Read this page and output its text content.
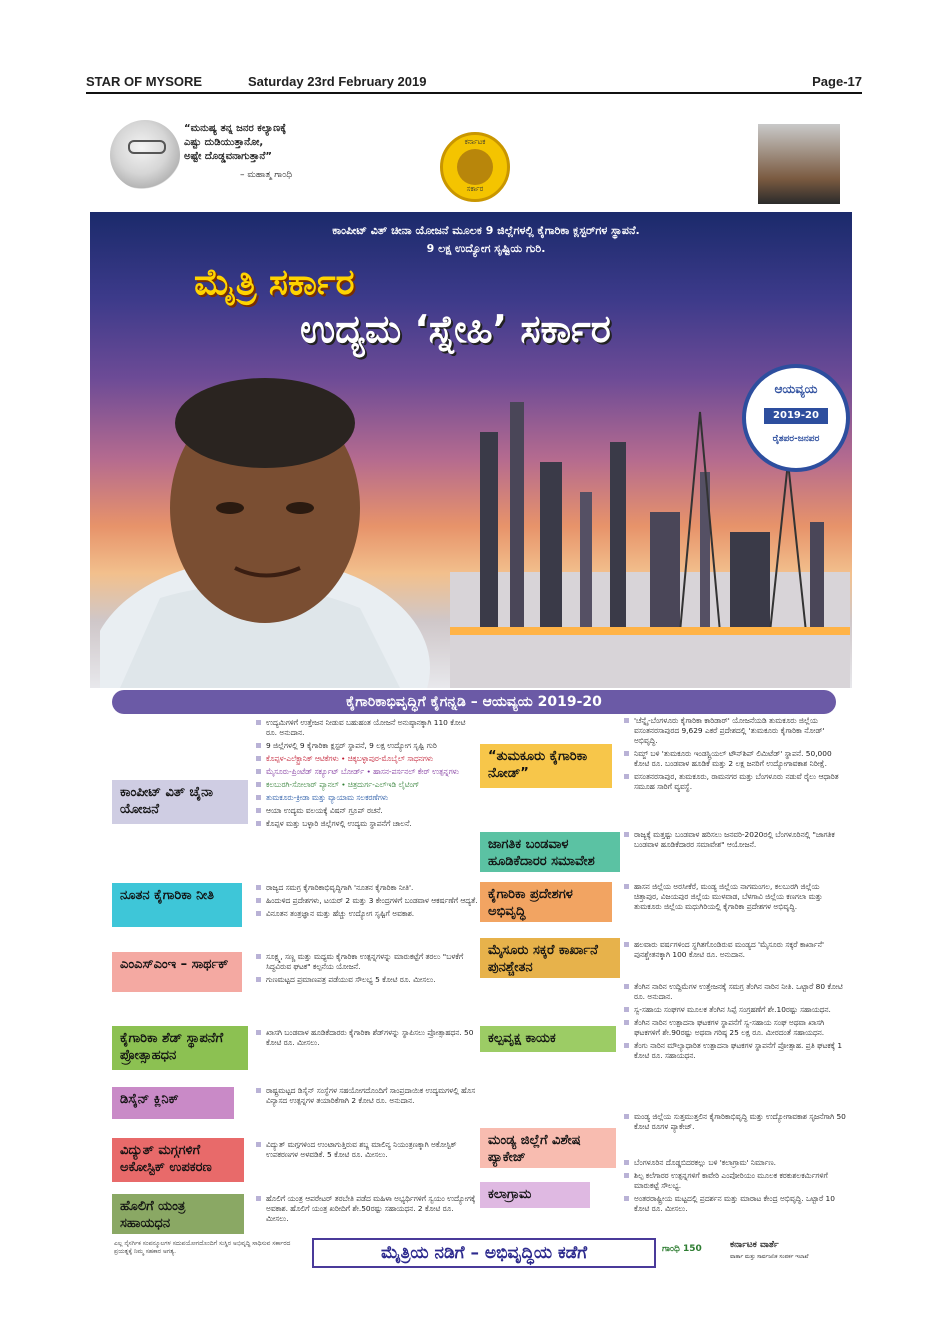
STAR OF MYSORE	Saturday 23rd February 2019	Page-17
“ಮನುಷ್ಯ ತನ್ನ ಜನರ ಕಲ್ಯಾಣಕ್ಕೆ
ಎಷ್ಟು ದುಡಿಯುತ್ತಾನೋ,
ಅಷ್ಟೇ ದೊಡ್ಡವನಾಗುತ್ತಾನೆ”
– ಮಹಾತ್ಮ ಗಾಂಧಿ
ಕರ್ನಾಟಕ
ಸರ್ಕಾರ
ಕಾಂಪೀಟ್ ವಿತ್ ಚೀನಾ ಯೋಜನೆ ಮೂಲಕ 9 ಜಿಲ್ಲೆಗಳಲ್ಲಿ ಕೈಗಾರಿಕಾ ಕ್ಲಸ್ಟರ್‌ಗಳ ಸ್ಥಾಪನೆ.
9 ಲಕ್ಷ ಉದ್ಯೋಗ ಸೃಷ್ಟಿಯ ಗುರಿ.
ಮೈತ್ರಿ ಸರ್ಕಾರ
ಉದ್ಯಮ ‘ಸ್ನೇಹಿ’ ಸರ್ಕಾರ
ಆಯವ್ಯಯ
2019-20
ರೈತಪರ-ಜನಪರ
ಕೈಗಾರಿಕಾಭಿವೃದ್ಧಿಗೆ ಕೈಗನ್ನಡಿ – ಆಯವ್ಯಯ 2019-20
ಕಾಂಪೀಟ್ ವಿತ್ ಚೈನಾ ಯೋಜನೆ
ಉದ್ಯಮಿಗಳಿಗೆ ಉತ್ತೇಜನ ನೀಡುವ ಬಹುಹಂತ ಯೋಜನೆ ಅನುಷ್ಠಾನಕ್ಕಾಗಿ 110 ಕೋಟಿ ರೂ. ಅನುದಾನ.
9 ಜಿಲ್ಲೆಗಳಲ್ಲಿ 9 ಕೈಗಾರಿಕಾ ಕ್ಲಸ್ಟರ್ ಸ್ಥಾಪನೆ, 9 ಲಕ್ಷ ಉದ್ಯೋಗ ಸೃಷ್ಟಿ ಗುರಿ
ಕೊಪ್ಪಳ-ಎಲೆಕ್ಟ್ರಾನಿಕ್ ಆಟಿಕೆಗಳು • ಚಿಕ್ಕಬಳ್ಳಾಪುರ-ಮೊಬೈಲ್ ಸಾಧನಗಳು
ಮೈಸೂರು-ಪ್ರಿಂಟೆಡ್ ಸರ್ಕ್ಯೂಟ್ ಬೋರ್ಡ್ • ಹಾಸನ-ಪರ್ಸನಲ್ ಕೇರ್ ಉತ್ಪನ್ನಗಳು
ಕಲಬುರಗಿ-ಸೋಲಾರ್ ಪ್ಯಾನಲ್ • ಚಿತ್ರದುರ್ಗ-ಎಲ್‌ಇಡಿ ಲೈಟಿಂಗ್
ತುಮಕೂರು-ಕ್ರೀಡಾ ಮತ್ತು ವ್ಯಾಯಾಮ ಸಲಕರಣೆಗಳು
ಆಯಾ ಉದ್ಯಮ ವಲಯಕ್ಕೆ ವಿಷನ್ ಗ್ರೂಪ್ ರಚನೆ.
ಕೊಪ್ಪಳ ಮತ್ತು ಬಳ್ಳಾರಿ ಜಿಲ್ಲೆಗಳಲ್ಲಿ ಉದ್ಯಮ ಸ್ಥಾಪನೆಗೆ ಚಾಲನೆ.
ನೂತನ ಕೈಗಾರಿಕಾ ನೀತಿ
ರಾಜ್ಯದ ಸಮಗ್ರ ಕೈಗಾರಿಕಾಭಿವೃದ್ಧಿಗಾಗಿ 'ನೂತನ ಕೈಗಾರಿಕಾ ನೀತಿ'.
ಹಿಂದುಳಿದ ಪ್ರದೇಶಗಳು, ಟಯರ್ 2 ಮತ್ತು 3 ಕೇಂದ್ರಗಳಿಗೆ ಬಂಡವಾಳ ಆಕರ್ಷಣೆಗೆ ಆದ್ಯತೆ.
ವಿನೂತನ ತಂತ್ರಜ್ಞಾನ ಮತ್ತು ಹೆಚ್ಚು ಉದ್ಯೋಗ ಸೃಷ್ಟಿಗೆ ಅವಕಾಶ.
ಎಂಎಸ್‌ಎಂಇ – ಸಾರ್ಥಕ್
ಸೂಕ್ಷ್ಮ, ಸಣ್ಣ ಮತ್ತು ಮಧ್ಯಮ ಕೈಗಾರಿಕಾ ಉತ್ಪನ್ನಗಳನ್ನು ಮಾರುಕಟ್ಟೆಗೆ ತರಲು "ಬಳಕೆಗೆ ಸಿದ್ಧವಿರುವ ಘಟಕ" ಕಲ್ಪನೆಯ ಯೋಜನೆ.
ಗುಣಮಟ್ಟದ ಪ್ರಮಾಣಪತ್ರ ಪಡೆಯುವ ಸೌಲಭ್ಯ 5 ಕೋಟಿ ರೂ. ಮೀಸಲು.
ಕೈಗಾರಿಕಾ ಶೆಡ್ ಸ್ಥಾಪನೆಗೆ ಪ್ರೋತ್ಸಾಹಧನ
ಖಾಸಗಿ ಬಂಡವಾಳ ಹೂಡಿಕೆದಾರರು ಕೈಗಾರಿಕಾ ಶೆಡ್‌ಗಳನ್ನು ಸ್ಥಾಪಿಸಲು ಪ್ರೋತ್ಸಾಹಧನ. 50 ಕೋಟಿ ರೂ. ಮೀಸಲು.
ಡಿಸೈನ್ ಕ್ಲಿನಿಕ್
ರಾಷ್ಟ್ರಮಟ್ಟದ ಡಿಸೈನ್ ಸಂಸ್ಥೆಗಳ ಸಹಯೋಗದೊಂದಿಗೆ ಸಾಂಪ್ರದಾಯಿಕ ಉದ್ಯಮಗಳಲ್ಲಿ ಹೊಸ ವಿನ್ಯಾಸದ ಉತ್ಪನ್ನಗಳ ತಯಾರಿಕೆಗಾಗಿ 2 ಕೋಟಿ ರೂ. ಅನುದಾನ.
ವಿದ್ಯುತ್ ಮಗ್ಗಗಳಿಗೆ ಅಕೋಸ್ಟಿಕ್ ಉಪಕರಣ
ವಿದ್ಯುತ್ ಮಗ್ಗಗಳಿಂದ ಉಂಟಾಗುತ್ತಿರುವ ಶಬ್ದ ಮಾಲಿನ್ಯ ನಿಯಂತ್ರಣಕ್ಕಾಗಿ ಅಕೋಸ್ಟಿಕ್ ಉಪಕರಣಗಳ ಅಳವಡಿಕೆ. 5 ಕೋಟಿ ರೂ. ಮೀಸಲು.
ಹೊಲಿಗೆ ಯಂತ್ರ ಸಹಾಯಧನ
ಹೊಲಿಗೆ ಯಂತ್ರ ಆಪರೇಟರ್ ತರಬೇತಿ ಪಡೆದ ಮಹಿಳಾ ಅಭ್ಯರ್ಥಿಗಳಿಗೆ ಸ್ವಯಂ ಉದ್ಯೋಗಕ್ಕೆ ಅವಕಾಶ. ಹೊಲಿಗೆ ಯಂತ್ರ ಖರೀದಿಗೆ ಶೇ.50ರಷ್ಟು ಸಹಾಯಧನ. 2 ಕೋಟಿ ರೂ. ಮೀಸಲು.
“ತುಮಕೂರು ಕೈಗಾರಿಕಾ ನೋಡ್”
'ಚೆನ್ನೈ-ಬೆಂಗಳೂರು ಕೈಗಾರಿಕಾ ಕಾರಿಡಾರ್' ಯೋಜನೆಯಡಿ ತುಮಕೂರು ಜಿಲ್ಲೆಯ ವಸಂತನರಸಾಪುರದ 9,629 ಎಕರೆ ಪ್ರದೇಶದಲ್ಲಿ 'ತುಮಕೂರು ಕೈಗಾರಿಕಾ ನೋಡ್' ಅಭಿವೃದ್ಧಿ.
ನಿಮ್ಜ್ ಬಳಿ 'ತುಮಕೂರು ಇಂಡಸ್ಟ್ರಿಯಲ್ ಟೌನ್‌ಶಿಪ್ ಲಿಮಿಟೆಡ್' ಸ್ಥಾಪನೆ. 50,000 ಕೋಟಿ ರೂ. ಬಂಡವಾಳ ಹೂಡಿಕೆ ಮತ್ತು 2 ಲಕ್ಷ ಜನರಿಗೆ ಉದ್ಯೋಗಾವಕಾಶ ನಿರೀಕ್ಷೆ.
ವಸಂತನರಸಾಪುರ, ತುಮಕೂರು, ರಾಮನಗರ ಮತ್ತು ಬೆಂಗಳೂರು ನಡುವೆ ರೈಲು ಆಧಾರಿತ ಸಮೂಹ ಸಾರಿಗೆ ವ್ಯವಸ್ಥೆ.
ಜಾಗತಿಕ ಬಂಡವಾಳ ಹೂಡಿಕೆದಾರರ ಸಮಾವೇಶ
ರಾಜ್ಯಕ್ಕೆ ಮತ್ತಷ್ಟು ಬಂಡವಾಳ ಹರಿಸಲು ಜನವರಿ-2020ರಲ್ಲಿ ಬೆಂಗಳೂರಿನಲ್ಲಿ "ಜಾಗತಿಕ ಬಂಡವಾಳ ಹೂಡಿಕೆದಾರರ ಸಮಾವೇಶ" ಆಯೋಜನೆ.
ಕೈಗಾರಿಕಾ ಪ್ರದೇಶಗಳ ಅಭಿವೃದ್ಧಿ
ಹಾಸನ ಜಿಲ್ಲೆಯ ಅರಸೀಕೆರೆ, ಮಂಡ್ಯ ಜಿಲ್ಲೆಯ ನಾಗಮಂಗಲ, ಕಲಬುರಗಿ ಜಿಲ್ಲೆಯ ಚಿತ್ತಾಪುರ, ವಿಜಯಪುರ ಜಿಲ್ಲೆಯ ಮುಳವಾಡ, ಬೆಳಗಾವಿ ಜಿಲ್ಲೆಯ ಕಣಗಲಾ ಮತ್ತು ತುಮಕೂರು ಜಿಲ್ಲೆಯ ಮಧುಗಿರಿಯಲ್ಲಿ ಕೈಗಾರಿಕಾ ಪ್ರದೇಶಗಳ ಅಭಿವೃದ್ಧಿ.
ಮೈಸೂರು ಸಕ್ಕರೆ ಕಾರ್ಖಾನೆ ಪುನಶ್ಚೇತನ
ಹಲವಾರು ವರ್ಷಗಳಿಂದ ಸ್ಥಗಿತಗೊಂಡಿರುವ ಮಂಡ್ಯದ 'ಮೈಸೂರು ಸಕ್ಕರೆ ಕಾರ್ಖಾನೆ' ಪುನಶ್ಚೇತನಕ್ಕಾಗಿ 100 ಕೋಟಿ ರೂ. ಅನುದಾನ.
ಕಲ್ಪವೃಕ್ಷ ಕಾಯಕ
ತೆಂಗಿನ ನಾರಿನ ಉದ್ದಿಮೆಗಳ ಉತ್ತೇಜನಕ್ಕೆ ಸಮಗ್ರ ತೆಂಗಿನ ನಾರಿನ ನೀತಿ. ಒಟ್ಟಾರೆ 80 ಕೋಟಿ ರೂ. ಅನುದಾನ.
ಸ್ವ-ಸಹಾಯ ಸಂಘಗಳ ಮೂಲಕ ತೆಂಗಿನ ಸಿಪ್ಪೆ ಸಂಗ್ರಹಣೆಗೆ ಶೇ.10ರಷ್ಟು ಸಹಾಯಧನ.
ತೆಂಗಿನ ನಾರಿನ ಉತ್ಪಾದನಾ ಘಟಕಗಳ ಸ್ಥಾಪನೆಗೆ ಸ್ವ-ಸಹಾಯ ಸಂಘ ಅಥವಾ ಖಾಸಗಿ ಘಟಕಗಳಿಗೆ ಶೇ.90ರಷ್ಟು ಅಥವಾ ಗರಿಷ್ಠ 25 ಲಕ್ಷ ರೂ. ಮೀರದಂತೆ ಸಹಾಯಧನ.
ತೆಂಗು ನಾರಿನ ಮೌಲ್ಯಾಧಾರಿತ ಉತ್ಪಾದನಾ ಘಟಕಗಳ ಸ್ಥಾಪನೆಗೆ ಪ್ರೋತ್ಸಾಹ. ಪ್ರತಿ ಘಟಕಕ್ಕೆ 1 ಕೋಟಿ ರೂ. ಸಹಾಯಧನ.
ಮಂಡ್ಯ ಜಿಲ್ಲೆಗೆ ವಿಶೇಷ ಪ್ಯಾಕೇಜ್
ಮಂಡ್ಯ ಜಿಲ್ಲೆಯ ಸುತ್ತಮುತ್ತಲಿನ ಕೈಗಾರಿಕಾಭಿವೃದ್ಧಿ ಮತ್ತು ಉದ್ಯೋಗಾವಕಾಶ ಸೃಜನೆಗಾಗಿ 50 ಕೋಟಿ ರೂಗಳ ಪ್ಯಾಕೇಜ್.
ಕಲಾಗ್ರಾಮ
ಬೆಂಗಳೂರಿನ ದೊಡ್ಡಬಿದರಕಲ್ಲು ಬಳಿ 'ಕಲಾಗ್ರಾಮ' ನಿರ್ಮಾಣ.
ಶಿಲ್ಪ ಕಲೆಗಾರರ ಉತ್ಪನ್ನಗಳಿಗೆ ಕಾವೇರಿ ಎಂಪೋರಿಯಂ ಮೂಲಕ ಕರಕುಶಲಕರ್ಮಿಗಳಿಗೆ ಮಾರುಕಟ್ಟೆ ಸೌಲಭ್ಯ.
ಅಂತರರಾಷ್ಟ್ರೀಯ ಮಟ್ಟದಲ್ಲಿ ಪ್ರದರ್ಶನ ಮತ್ತು ಮಾರಾಟ ಕೇಂದ್ರ ಅಭಿವೃದ್ಧಿ. ಒಟ್ಟಾರೆ 10 ಕೋಟಿ ರೂ. ಮೀಸಲು.
ಎಲ್ಲ ನೈಸರ್ಗಿಕ ಸಂಪನ್ಮೂಲಗಳ ಸದುಪಯೋಗದೊಂದಿಗೆ ಸುಸ್ಥಿರ ಅಭಿವೃದ್ಧಿ ಸಾಧಿಸುವ ಸರ್ಕಾರದ ಪ್ರಯತ್ನಕ್ಕೆ ನಿಮ್ಮ ಸಹಕಾರ ಅಗತ್ಯ.	ಮೈತ್ರಿಯ ನಡಿಗೆ – ಅಭಿವೃದ್ಧಿಯ ಕಡೆಗೆ	ಗಾಂಧಿ 150	ಕರ್ನಾಟಕ ವಾರ್ತೆ
ವಾರ್ತಾ ಮತ್ತು ಸಾರ್ವಜನಿಕ ಸಂಪರ್ಕ ಇಲಾಖೆ
